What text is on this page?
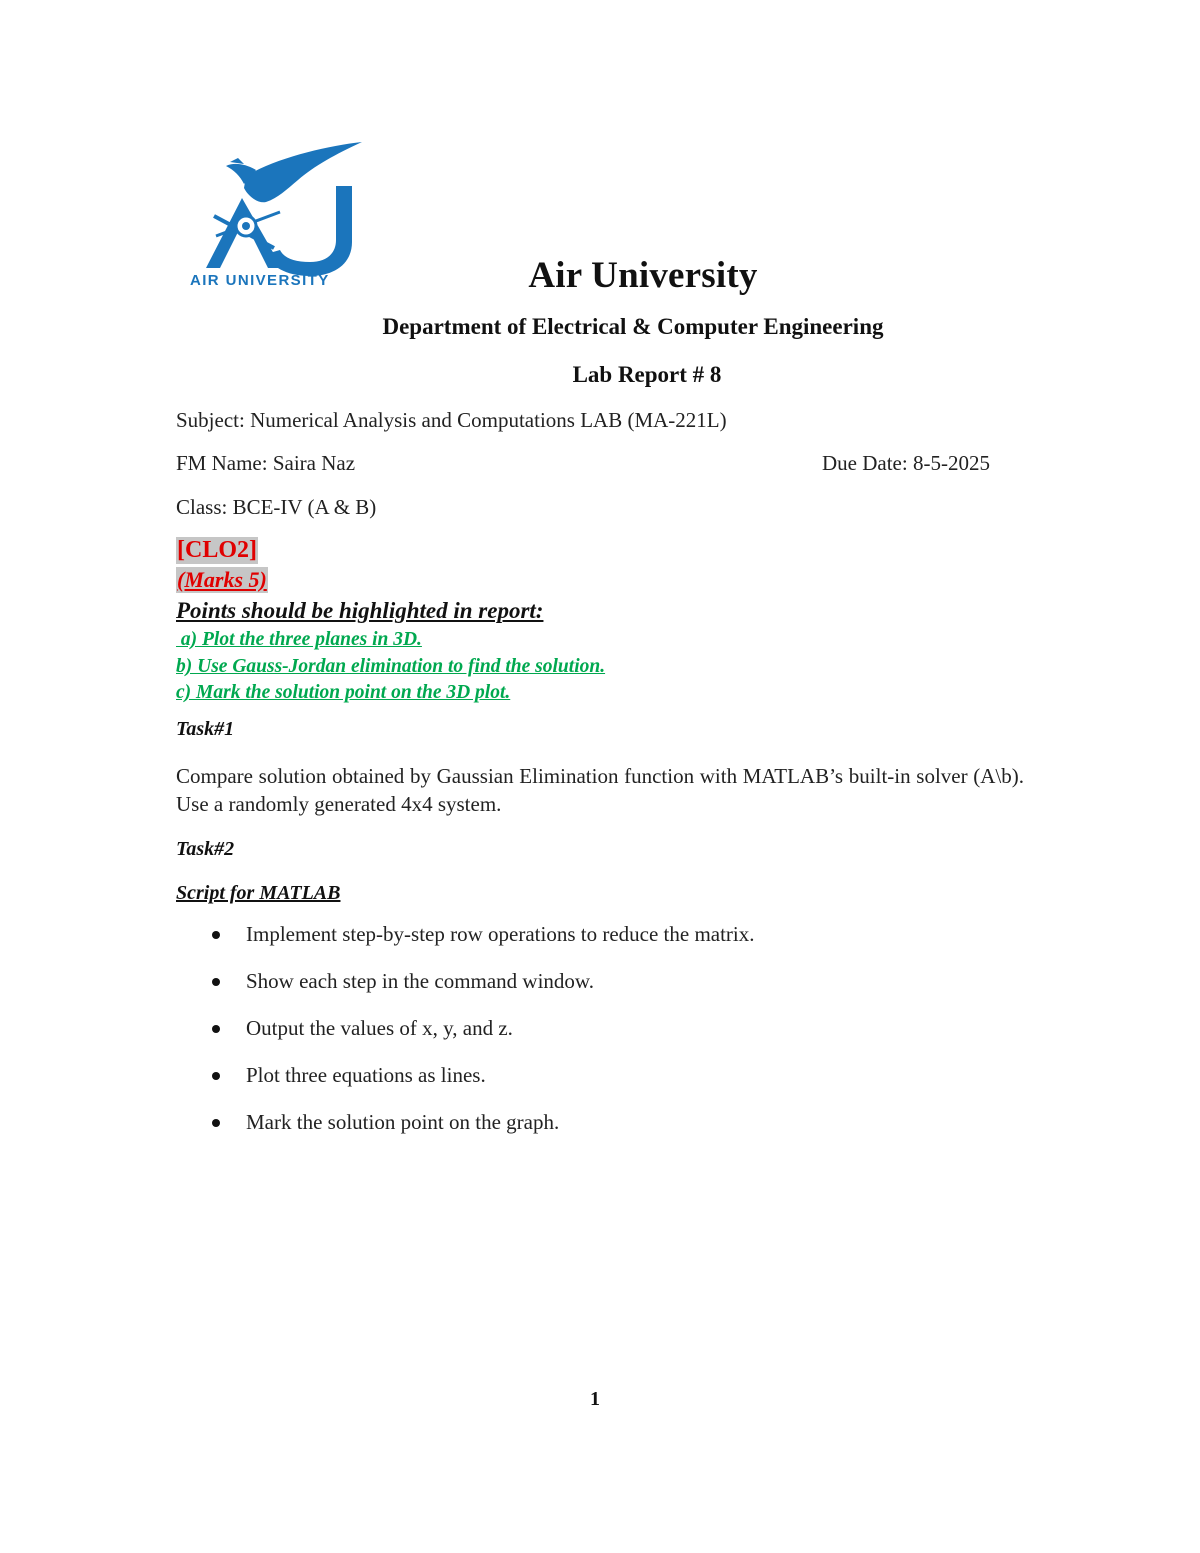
AIR UNIVERSITY	Air University
Department of Electrical & Computer Engineering
Lab Report # 8
Subject: Numerical Analysis and Computations LAB (MA-221L)
FM Name: Saira Naz	Due Date: 8-5-2025
Class: BCE-IV (A & B)
[CLO2]
(Marks 5)
Points should be highlighted in report:
a) Plot the three planes in 3D.
b) Use Gauss-Jordan elimination to find the solution.
c) Mark the solution point on the 3D plot.
Task#1
Compare solution obtained by Gaussian Elimination function with MATLAB’s built-in solver (A\b). Use a randomly generated 4x4 system.
Task#2
Script for MATLAB
Implement step-by-step row operations to reduce the matrix.
Show each step in the command window.
Output the values of x, y, and z.
Plot three equations as lines.
Mark the solution point on the graph.
1
